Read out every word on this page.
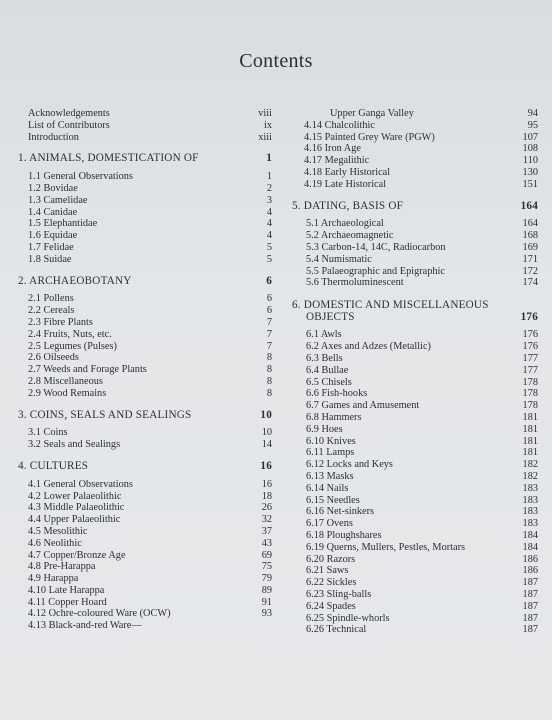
Contents
Acknowledgements	viii
List of Contributors	ix
Introduction	xiii
1. ANIMALS, DOMESTICATION OF	1
1.1 General Observations	1
1.2 Bovidae	2
1.3 Camelidae	3
1.4 Canidae	4
1.5 Elephantidae	4
1.6 Equidae	4
1.7 Felidae	5
1.8 Suidae	5
2. ARCHAEOBOTANY	6
2.1 Pollens	6
2.2 Cereals	6
2.3 Fibre Plants	7
2.4 Fruits, Nuts, etc.	7
2.5 Legumes (Pulses)	7
2.6 Oilseeds	8
2.7 Weeds and Forage Plants	8
2.8 Miscellaneous	8
2.9 Wood Remains	8
3. COINS, SEALS AND SEALINGS	10
3.1 Coins	10
3.2 Seals and Sealings	14
4. CULTURES	16
4.1 General Observations	16
4.2 Lower Palaeolithic	18
4.3 Middle Palaeolithic	26
4.4 Upper Palaeolithic	32
4.5 Mesolithic	37
4.6 Neolithic	43
4.7 Copper/Bronze Age	69
4.8 Pre-Harappa	75
4.9 Harappa	79
4.10 Late Harappa	89
4.11 Copper Hoard	91
4.12 Ochre-coloured Ware (OCW)	93
4.13 Black-and-red Ware—
Upper Ganga Valley	94
4.14 Chalcolithic	95
4.15 Painted Grey Ware (PGW)	107
4.16 Iron Age	108
4.17 Megalithic	110
4.18 Early Historical	130
4.19 Late Historical	151
5. DATING, BASIS OF	164
5.1 Archaeological	164
5.2 Archaeomagnetic	168
5.3 Carbon-14, 14C, Radiocarbon	169
5.4 Numismatic	171
5.5 Palaeographic and Epigraphic	172
5.6 Thermoluminescent	174
6. DOMESTIC AND MISCELLANEOUS
OBJECTS	176
6.1 Awls	176
6.2 Axes and Adzes (Metallic)	176
6.3 Bells	177
6.4 Bullae	177
6.5 Chisels	178
6.6 Fish-hooks	178
6.7 Games and Amusement	178
6.8 Hammers	181
6.9 Hoes	181
6.10 Knives	181
6.11 Lamps	181
6.12 Locks and Keys	182
6.13 Masks	182
6.14 Nails	183
6.15 Needles	183
6.16 Net-sinkers	183
6.17 Ovens	183
6.18 Ploughshares	184
6.19 Querns, Mullers, Pestles, Mortars	184
6.20 Razors	186
6.21 Saws	186
6.22 Sickles	187
6.23 Sling-balls	187
6.24 Spades	187
6.25 Spindle-whorls	187
6.26 Technical	187
